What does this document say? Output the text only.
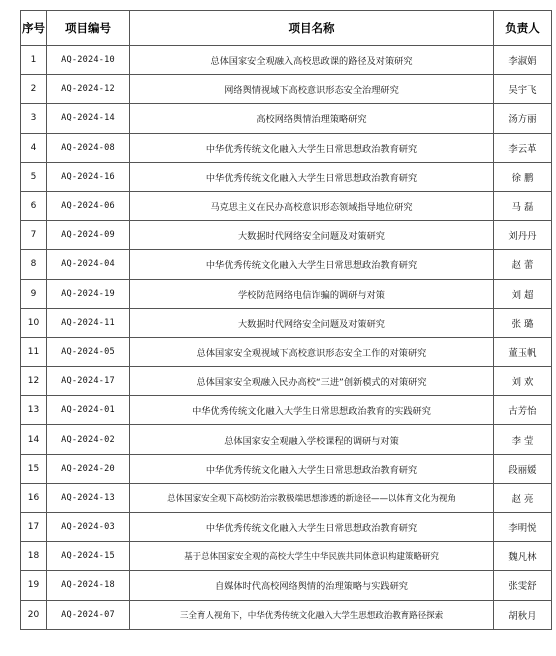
序号	项目编号	项目名称	负责人
1	AQ-2024-10	总体国家安全观融入高校思政课的路径及对策研究	李淑娟
2	AQ-2024-12	网络舆情视域下高校意识形态安全治理研究	吴宇飞
3	AQ-2024-14	高校网络舆情治理策略研究	汤方丽
4	AQ-2024-08	中华优秀传统文化融入大学生日常思想政治教育研究	李云革
5	AQ-2024-16	中华优秀传统文化融入大学生日常思想政治教育研究	徐 鹏
6	AQ-2024-06	马克思主义在民办高校意识形态领域指导地位研究	马 磊
7	AQ-2024-09	大数据时代网络安全问题及对策研究	刘丹丹
8	AQ-2024-04	中华优秀传统文化融入大学生日常思想政治教育研究	赵 蕾
9	AQ-2024-19	学校防范网络电信诈骗的调研与对策	刘 超
10	AQ-2024-11	大数据时代网络安全问题及对策研究	张 璐
11	AQ-2024-05	总体国家安全观视域下高校意识形态安全工作的对策研究	董玉帆
12	AQ-2024-17	总体国家安全观融入民办高校“三进”创新模式的对策研究	刘 欢
13	AQ-2024-01	中华优秀传统文化融入大学生日常思想政治教育的实践研究	古芳怡
14	AQ-2024-02	总体国家安全观融入学校课程的调研与对策	李 莹
15	AQ-2024-20	中华优秀传统文化融入大学生日常思想政治教育研究	段丽媛
16	AQ-2024-13	总体国家安全观下高校防治宗教极端思想渗透的新途径——以体育文化为视角	赵 亮
17	AQ-2024-03	中华优秀传统文化融入大学生日常思想政治教育研究	李明悦
18	AQ-2024-15	基于总体国家安全观的高校大学生中华民族共同体意识构建策略研究	魏凡林
19	AQ-2024-18	自媒体时代高校网络舆情的治理策略与实践研究	张雯舒
20	AQ-2024-07	三全育人视角下，中华优秀传统文化融入大学生思想政治教育路径探索	胡秋月
